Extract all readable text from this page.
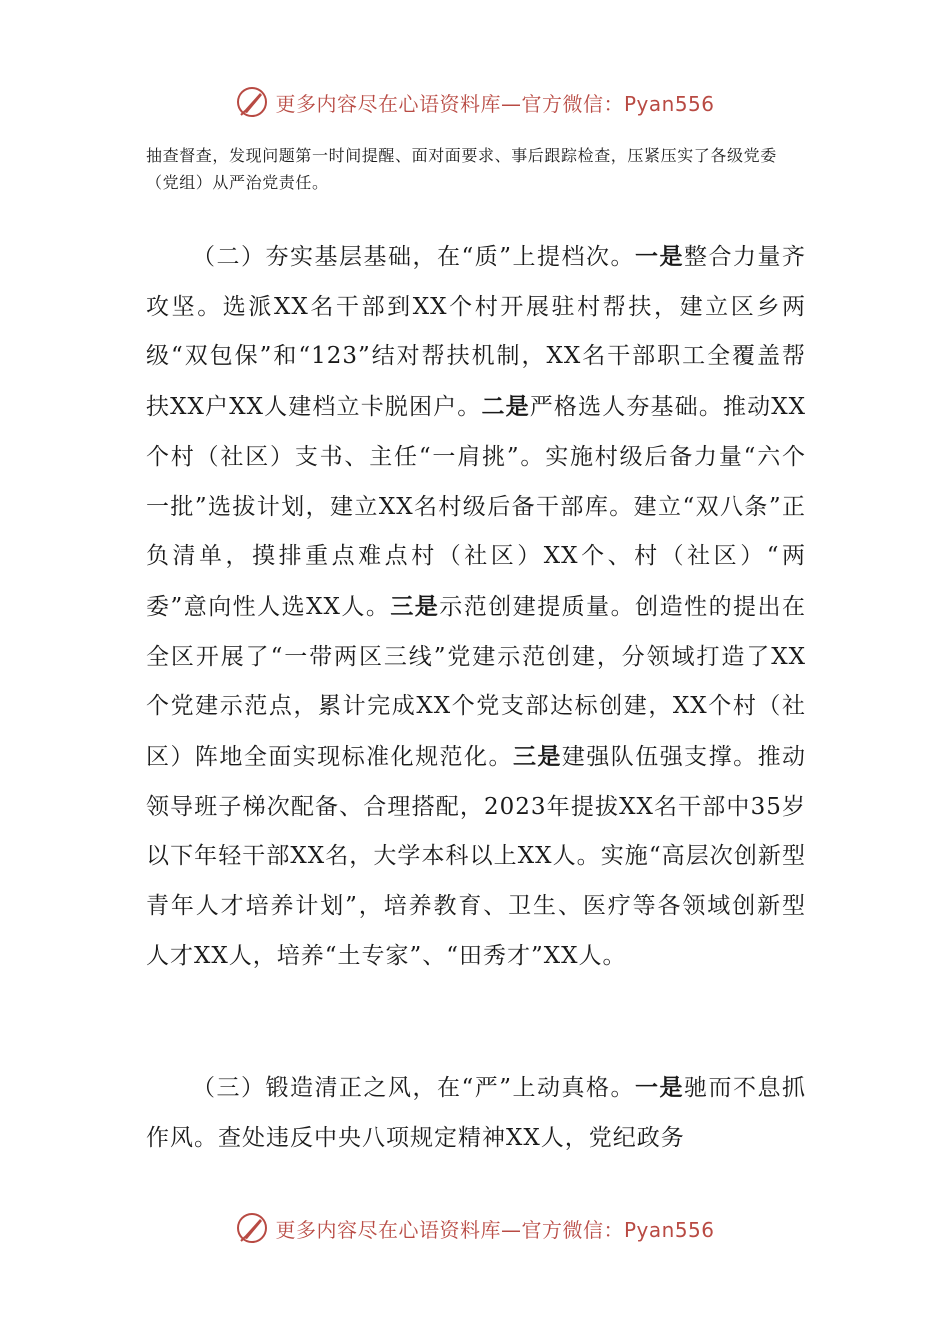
更多内容尽在心语资料库—官方微信：Pyan556

抽查督查，发现问题第一时间提醒、面对面要求、事后跟踪检查，压紧压实了各级党委（党组）从严治党责任。

（二）夯实基层基础，在“质”上提档次。一是整合力量齐攻坚。选派XX名干部到XX个村开展驻村帮扶，建立区乡两级“双包保”和“123”结对帮扶机制，XX名干部职工全覆盖帮扶XX户XX人建档立卡脱困户。二是严格选人夯基础。推动XX个村（社区）支书、主任“一肩挑”。实施村级后备力量“六个一批”选拔计划，建立XX名村级后备干部库。建立“双八条”正负清单，摸排重点难点村（社区）XX个、村（社区）“两委”意向性人选XX人。三是示范创建提质量。创造性的提出在全区开展了“一带两区三线”党建示范创建，分领域打造了XX个党建示范点，累计完成XX个党支部达标创建，XX个村（社区）阵地全面实现标准化规范化。三是建强队伍强支撑。推动领导班子梯次配备、合理搭配，2023年提拔XX名干部中35岁以下年轻干部XX名，大学本科以上XX人。实施“高层次创新型青年人才培养计划”，培养教育、卫生、医疗等各领域创新型人才XX人，培养“土专家”、“田秀才”XX人。

（三）锻造清正之风，在“严”上动真格。一是驰而不息抓作风。查处违反中央八项规定精神XX人，党纪政务

更多内容尽在心语资料库—官方微信：Pyan556
